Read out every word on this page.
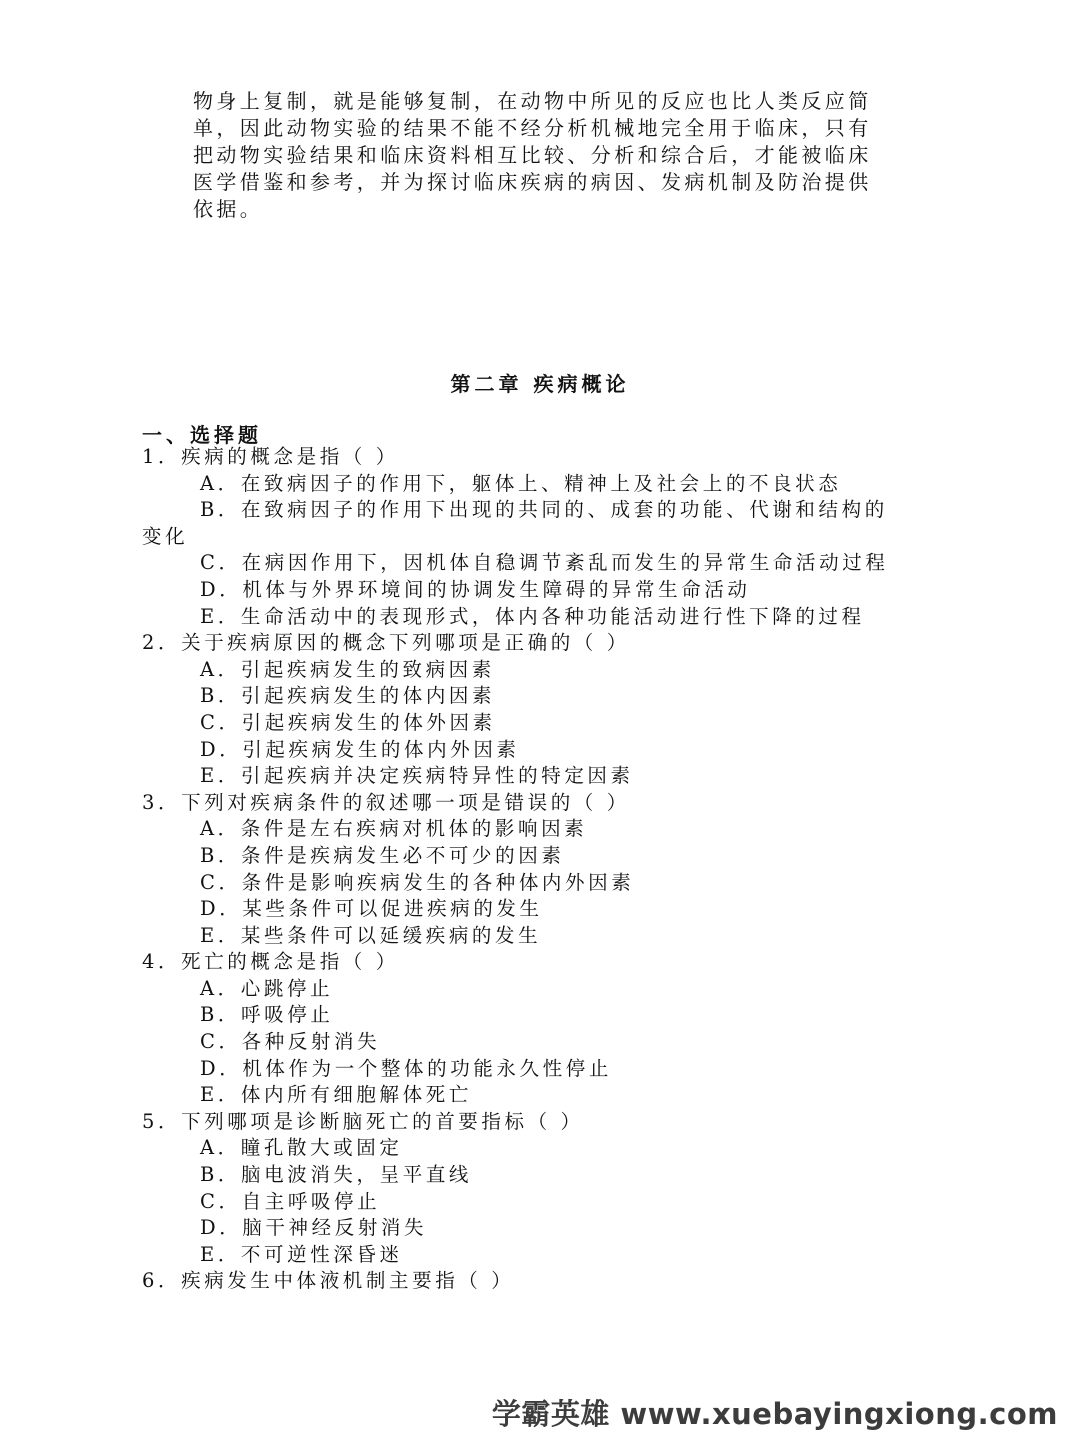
物身上复制，就是能够复制，在动物中所见的反应也比人类反应简
单，因此动物实验的结果不能不经分析机械地完全用于临床，只有
把动物实验结果和临床资料相互比较、分析和综合后，才能被临床
医学借鉴和参考，并为探讨临床疾病的病因、发病机制及防治提供
依据。
第二章 疾病概论
一、选择题
1．疾病的概念是指（ ）
A．在致病因子的作用下，躯体上、精神上及社会上的不良状态
B．在致病因子的作用下出现的共同的、成套的功能、代谢和结构的
变化
C．在病因作用下，因机体自稳调节紊乱而发生的异常生命活动过程
D．机体与外界环境间的协调发生障碍的异常生命活动
E．生命活动中的表现形式，体内各种功能活动进行性下降的过程
2．关于疾病原因的概念下列哪项是正确的（ ）
A．引起疾病发生的致病因素
B．引起疾病发生的体内因素
C．引起疾病发生的体外因素
D．引起疾病发生的体内外因素
E．引起疾病并决定疾病特异性的特定因素
3．下列对疾病条件的叙述哪一项是错误的（ ）
A．条件是左右疾病对机体的影响因素
B．条件是疾病发生必不可少的因素
C．条件是影响疾病发生的各种体内外因素
D．某些条件可以促进疾病的发生
E．某些条件可以延缓疾病的发生
4．死亡的概念是指（ ）
A．心跳停止
B．呼吸停止
C．各种反射消失
D．机体作为一个整体的功能永久性停止
E．体内所有细胞解体死亡
5．下列哪项是诊断脑死亡的首要指标（ ）
A．瞳孔散大或固定
B．脑电波消失，呈平直线
C．自主呼吸停止
D．脑干神经反射消失
E．不可逆性深昏迷
6．疾病发生中体液机制主要指（ ）
学霸英雄 www.xuebayingxiong.com
